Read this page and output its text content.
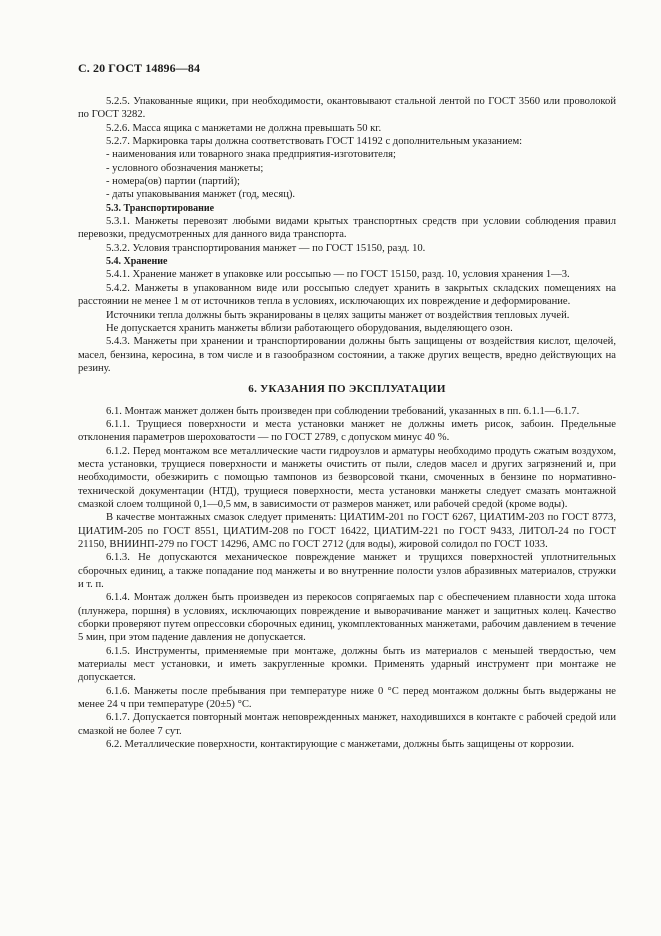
С. 20 ГОСТ 14896—84

5.2.5. Упакованные ящики, при необходимости, окантовывают стальной лентой по ГОСТ 3560 или проволокой по ГОСТ 3282.

5.2.6. Масса ящика с манжетами не должна превышать 50 кг.

5.2.7. Маркировка тары должна соответствовать ГОСТ 14192 с дополнительным указанием:

- наименования или товарного знака предприятия-изготовителя;

- условного обозначения манжеты;

- номера(ов) партии (партий);

- даты упаковывания манжет (год, месяц).

5.3. Транспортирование

5.3.1. Манжеты перевозят любыми видами крытых транспортных средств при условии соблюдения правил перевозки, предусмотренных для данного вида транспорта.

5.3.2. Условия транспортирования манжет — по ГОСТ 15150, разд. 10.

5.4. Хранение

5.4.1. Хранение манжет в упаковке или россыпью — по ГОСТ 15150, разд. 10, условия хранения 1—3.

5.4.2. Манжеты в упакованном виде или россыпью следует хранить в закрытых складских помещениях на расстоянии не менее 1 м от источников тепла в условиях, исключающих их повреждение и деформирование.

Источники тепла должны быть экранированы в целях защиты манжет от воздействия тепловых лучей.

Не допускается хранить манжеты вблизи работающего оборудования, выделяющего озон.

5.4.3. Манжеты при хранении и транспортировании должны быть защищены от воздействия кислот, щелочей, масел, бензина, керосина, в том числе и в газообразном состоянии, а также других веществ, вредно действующих на резину.

6. УКАЗАНИЯ ПО ЭКСПЛУАТАЦИИ

6.1. Монтаж манжет должен быть произведен при соблюдении требований, указанных в пп. 6.1.1—6.1.7.

6.1.1. Трущиеся поверхности и места установки манжет не должны иметь рисок, забоин. Предельные отклонения параметров шероховатости — по ГОСТ 2789, с допуском минус 40 %.

6.1.2. Перед монтажом все металлические части гидроузлов и арматуры необходимо продуть сжатым воздухом, места установки, трущиеся поверхности и манжеты очистить от пыли, следов масел и других загрязнений и, при необходимости, обезжирить с помощью тампонов из безворсовой ткани, смоченных в бензине по нормативно-технической документации (НТД), трущиеся поверхности, места установки манжеты следует смазать монтажной смазкой слоем толщиной 0,1—0,5 мм, в зависимости от размеров манжет, или рабочей средой (кроме воды).

В качестве монтажных смазок следует применять: ЦИАТИМ-201 по ГОСТ 6267, ЦИАТИМ-203 по ГОСТ 8773, ЦИАТИМ-205 по ГОСТ 8551, ЦИАТИМ-208 по ГОСТ 16422, ЦИАТИМ-221 по ГОСТ 9433, ЛИТОЛ-24 по ГОСТ 21150, ВНИИНП-279 по ГОСТ 14296, АМС по ГОСТ 2712 (для воды), жировой солидол по ГОСТ 1033.

6.1.3. Не допускаются механическое повреждение манжет и трущихся поверхностей уплотнительных сборочных единиц, а также попадание под манжеты и во внутренние полости узлов абразивных материалов, стружки и т. п.

6.1.4. Монтаж должен быть произведен из перекосов сопрягаемых пар с обеспечением плавности хода штока (плунжера, поршня) в условиях, исключающих повреждение и выворачивание манжет и защитных колец. Качество сборки проверяют путем опрессовки сборочных единиц, укомплектованных манжетами, рабочим давлением в течение 5 мин, при этом падение давления не допускается.

6.1.5. Инструменты, применяемые при монтаже, должны быть из материалов с меньшей твердостью, чем материалы мест установки, и иметь закругленные кромки. Применять ударный инструмент при монтаже не допускается.

6.1.6. Манжеты после пребывания при температуре ниже 0 °С перед монтажом должны быть выдержаны не менее 24 ч при температуре (20±5) °С.

6.1.7. Допускается повторный монтаж неповрежденных манжет, находившихся в контакте с рабочей средой или смазкой не более 7 сут.

6.2. Металлические поверхности, контактирующие с манжетами, должны быть защищены от коррозии.
